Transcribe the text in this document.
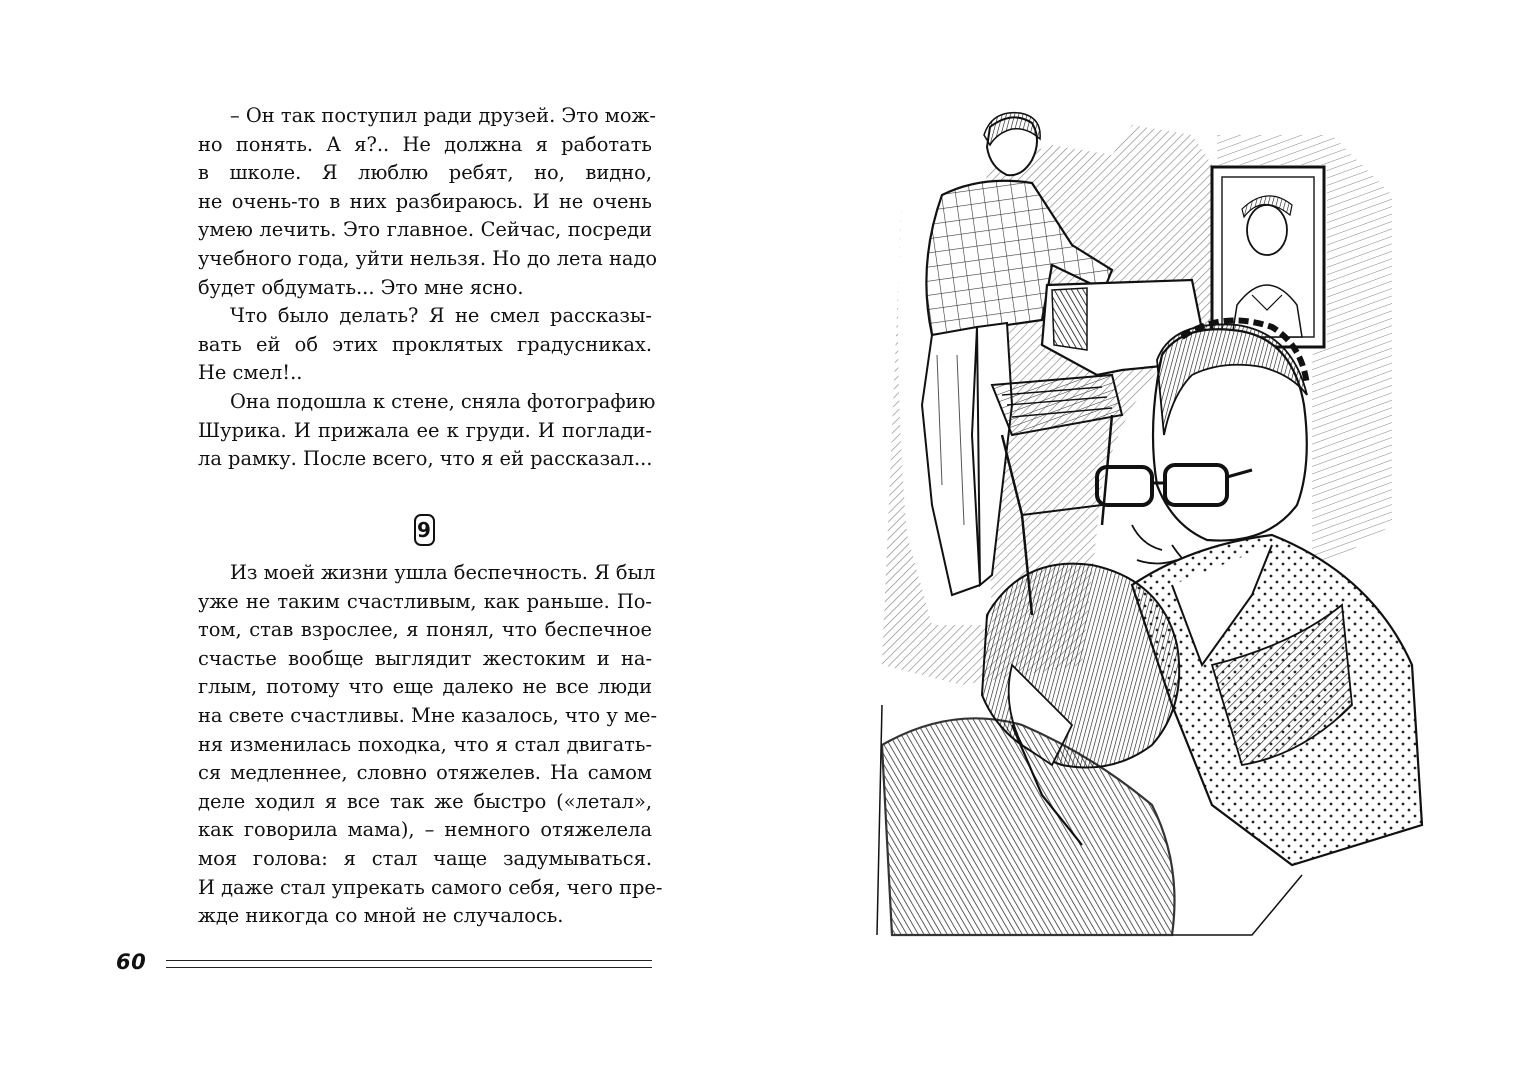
– Он так поступил ради друзей. Это мож-
но понять. А я?.. Не должна я работать
в школе. Я люблю ребят, но, видно,
не очень-то в них разбираюсь. И не очень
умею лечить. Это главное. Сейчас, посреди
учебного года, уйти нельзя. Но до лета надо
будет обдумать... Это мне ясно.
Что было делать? Я не смел рассказы-
вать ей об этих проклятых градусниках.
Не смел!..
Она подошла к стене, сняла фотографию
Шурика. И прижала ее к груди. И поглади-
ла рамку. После всего, что я ей рассказал...
Из моей жизни ушла беспечность. Я был
уже не таким счастливым, как раньше. По-
том, став взрослее, я понял, что беспечное
счастье вообще выглядит жестоким и на-
глым, потому что еще далеко не все люди
на свете счастливы. Мне казалось, что у ме-
ня изменилась походка, что я стал двигать-
ся медленнее, словно отяжелев. На самом
деле ходил я все так же быстро («летал»,
как говорила мама), – немного отяжелела
моя голова: я стал чаще задумываться.
И даже стал упрекать самого себя, чего пре-
жде никогда со мной не случалось.
9
60
